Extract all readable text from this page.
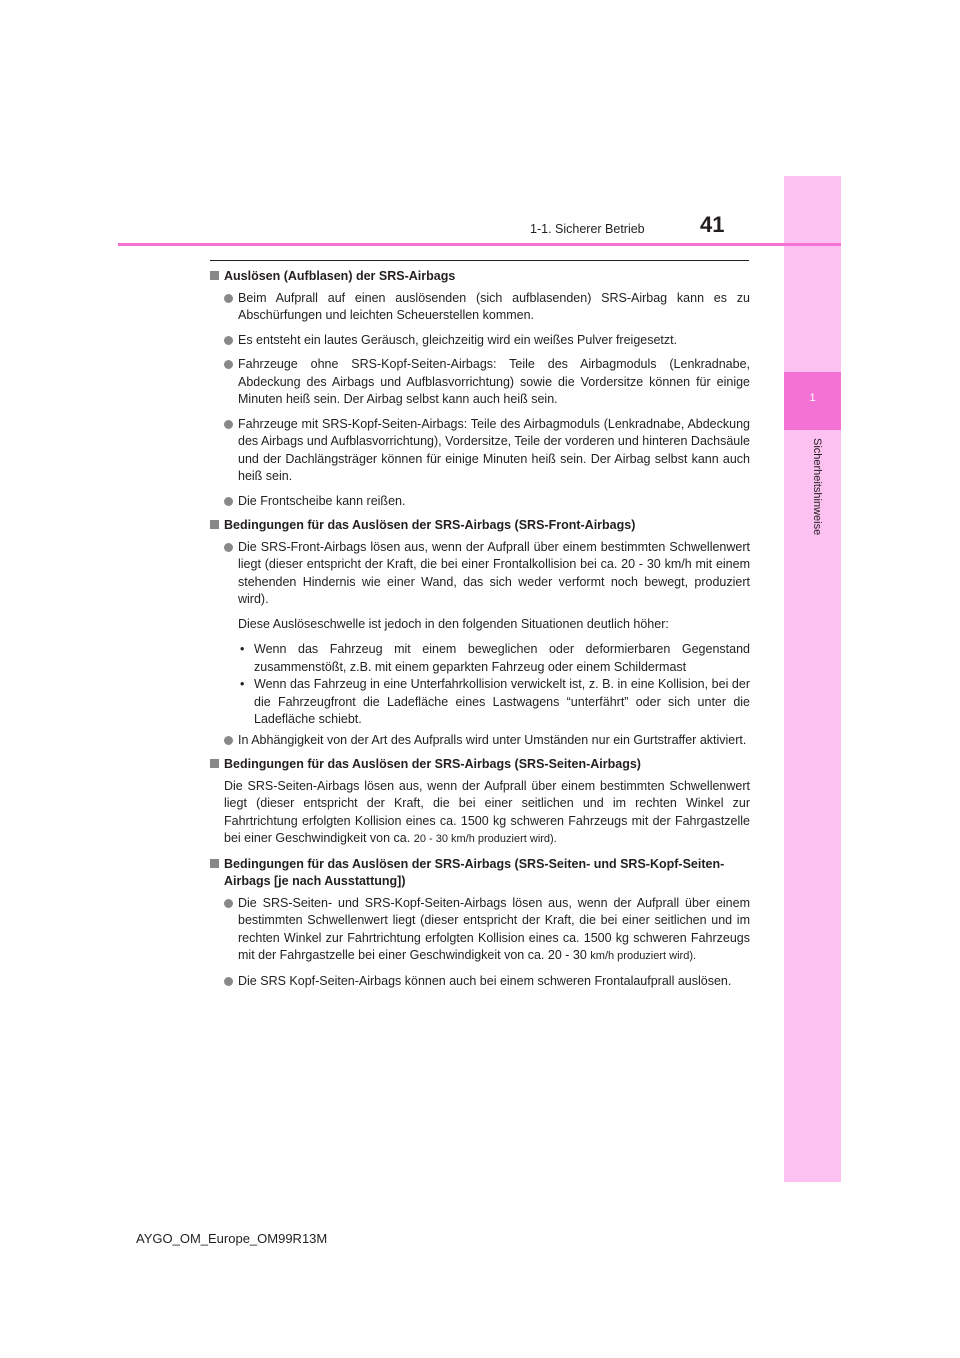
1
Sicherheitshinweise
1-1. Sicherer Betrieb	41
Auslösen (Aufblasen) der SRS-Airbags
Beim Aufprall auf einen auslösenden (sich aufblasenden) SRS-Airbag kann es zu Abschürfungen und leichten Scheuerstellen kommen.
Es entsteht ein lautes Geräusch, gleichzeitig wird ein weißes Pulver freigesetzt.
Fahrzeuge ohne SRS-Kopf-Seiten-Airbags: Teile des Airbagmoduls (Lenkradnabe, Abdeckung des Airbags und Aufblasvorrichtung) sowie die Vordersitze können für einige Minuten heiß sein. Der Airbag selbst kann auch heiß sein.
Fahrzeuge mit SRS-Kopf-Seiten-Airbags: Teile des Airbagmoduls (Lenkradnabe, Abdeckung des Airbags und Aufblasvorrichtung), Vordersitze, Teile der vorderen und hinteren Dachsäule und der Dachlängsträger können für einige Minuten heiß sein. Der Airbag selbst kann auch heiß sein.
Die Frontscheibe kann reißen.
Bedingungen für das Auslösen der SRS-Airbags (SRS-Front-Airbags)
Die SRS-Front-Airbags lösen aus, wenn der Aufprall über einem bestimmten Schwellenwert liegt (dieser entspricht der Kraft, die bei einer Frontalkollision bei ca. 20 - 30 km/h mit einem stehenden Hindernis wie einer Wand, das sich weder verformt noch bewegt, produziert wird).
Diese Auslöseschwelle ist jedoch in den folgenden Situationen deutlich höher:
• Wenn das Fahrzeug mit einem beweglichen oder deformierbaren Gegenstand zusammenstößt, z.B. mit einem geparkten Fahrzeug oder einem Schildermast
• Wenn das Fahrzeug in eine Unterfahrkollision verwickelt ist, z. B. in eine Kollision, bei der die Fahrzeugfront die Ladefläche eines Lastwagens “unterfährt” oder sich unter die Ladefläche schiebt.
In Abhängigkeit von der Art des Aufpralls wird unter Umständen nur ein Gurtstraffer aktiviert.
Bedingungen für das Auslösen der SRS-Airbags (SRS-Seiten-Airbags)
Die SRS-Seiten-Airbags lösen aus, wenn der Aufprall über einem bestimmten Schwellenwert liegt (dieser entspricht der Kraft, die bei einer seitlichen und im rechten Winkel zur Fahrtrichtung erfolgten Kollision eines ca. 1500 kg schweren Fahrzeugs mit der Fahrgastzelle bei einer Geschwindigkeit von ca. 20 - 30 km/h produziert wird).
Bedingungen für das Auslösen der SRS-Airbags (SRS-Seiten- und SRS-Kopf-Seiten-Airbags [je nach Ausstattung])
Die SRS-Seiten- und SRS-Kopf-Seiten-Airbags lösen aus, wenn der Aufprall über einem bestimmten Schwellenwert liegt (dieser entspricht der Kraft, die bei einer seitlichen und im rechten Winkel zur Fahrtrichtung erfolgten Kollision eines ca. 1500 kg schweren Fahrzeugs mit der Fahrgastzelle bei einer Geschwindigkeit von ca. 20 - 30 km/h produziert wird).
Die SRS Kopf-Seiten-Airbags können auch bei einem schweren Frontalaufprall auslösen.
AYGO_OM_Europe_OM99R13M
